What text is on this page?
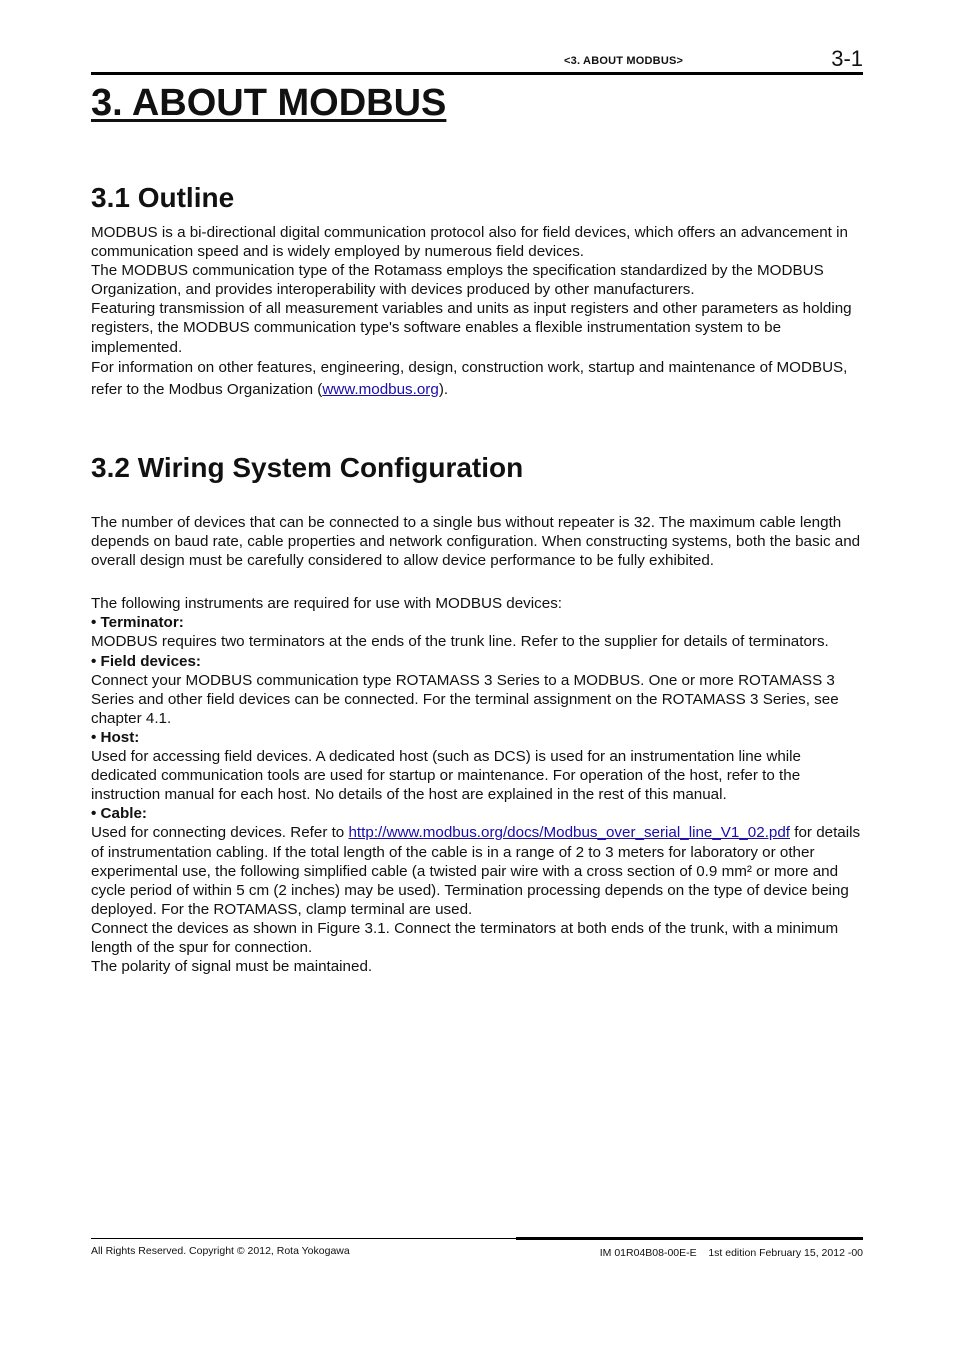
<3. ABOUT MODBUS>	3-1
3. ABOUT MODBUS
3.1 Outline

MODBUS is a bi-directional digital communication protocol also for field devices, which offers an advancement in communication speed and is widely employed by numerous field devices.

The MODBUS communication type of the Rotamass employs the specification standardized by the MODBUS Organization, and provides interoperability with devices produced by other manufacturers.

Featuring transmission of all measurement variables and units as input registers and other parameters as holding registers, the MODBUS communication type's software enables a flexible instrumentation system to be implemented.

For information on other features, engineering, design, construction work, startup and maintenance of MODBUS, refer to the Modbus Organization (www.modbus.org).

3.2 Wiring System Configuration

The number of devices that can be connected to a single bus without repeater is 32. The maximum cable length depends on baud rate, cable properties and network configuration. When constructing systems, both the basic and overall design must be carefully considered to allow device performance to be fully exhibited.

The following instruments are required for use with MODBUS devices:

• Terminator:

MODBUS requires two terminators at the ends of the trunk line. Refer to the supplier for details of terminators.

• Field devices:

Connect your MODBUS communication type ROTAMASS 3 Series to a MODBUS. One or more ROTAMASS 3 Series and other field devices can be connected. For the terminal assignment on the ROTAMASS 3 Series, see chapter 4.1.

• Host:

Used for accessing field devices. A dedicated host (such as DCS) is used for an instrumentation line while dedicated communication tools are used for startup or maintenance. For operation of the host, refer to the instruction manual for each host. No details of the host are explained in the rest of this manual.

• Cable:

Used for connecting devices. Refer to http://www.modbus.org/docs/Modbus_over_serial_line_V1_02.pdf for details of instrumentation cabling. If the total length of the cable is in a range of 2 to 3 meters for laboratory or other experimental use, the following simplified cable (a twisted pair wire with a cross section of 0.9 mm² or more and cycle period of within 5 cm (2 inches) may be used). Termination processing depends on the type of device being deployed. For the ROTAMASS, clamp terminal are used.

Connect the devices as shown in Figure 3.1. Connect the terminators at both ends of the trunk, with a minimum length of the spur for connection.

The polarity of signal must be maintained.

All Rights Reserved. Copyright © 2012, Rota Yokogawa	IM 01R04B08-00E-E    1st edition February 15, 2012 -00
